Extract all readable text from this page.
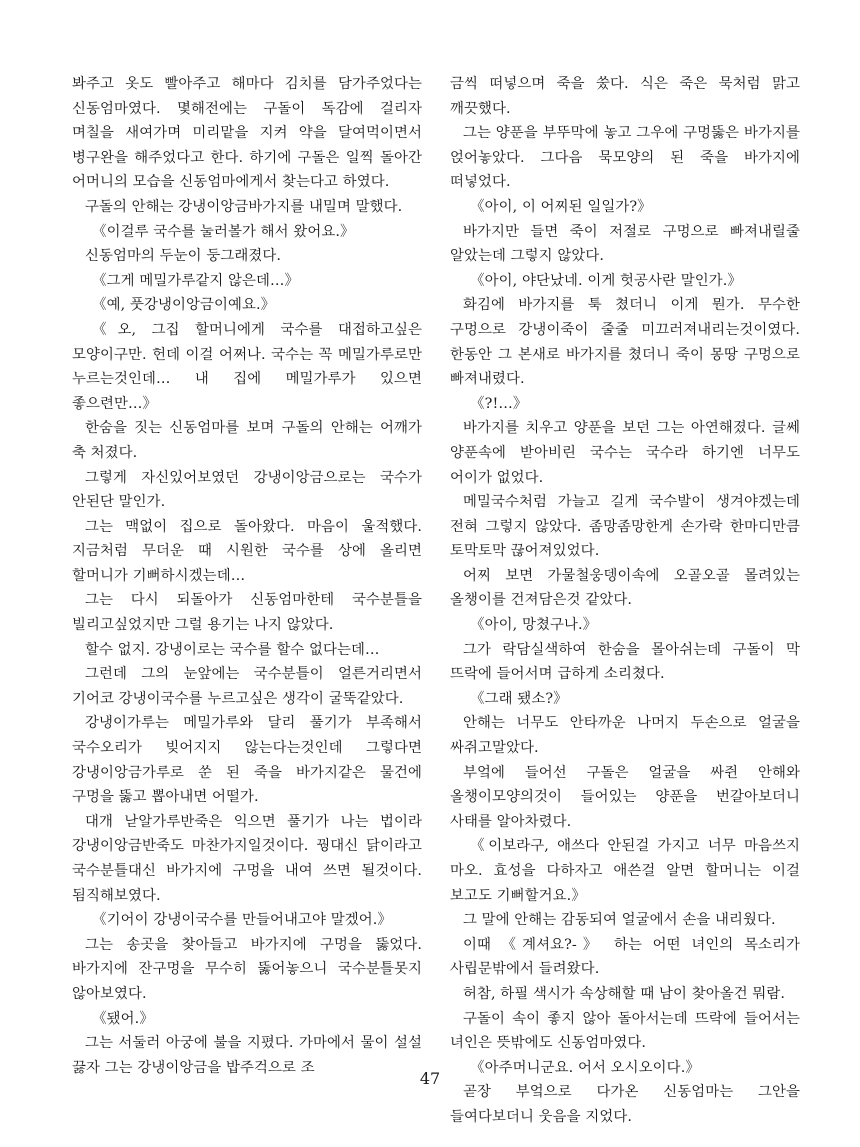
봐주고 옷도 빨아주고 해마다 김치를 담가주었다는 신동엄마였다. 몇해전에는 구돌이 독감에 걸리자 며칠을 새여가며 미리맡을 지켜 약을 달여먹이면서 병구완을 해주었다고 한다. 하기에 구돌은 일찍 돌아간 어머니의 모습을 신동엄마에게서 찾는다고 하였다.

구돌의 안해는 강냉이앙금바가지를 내밀며 말했다.

《이걸루 국수를 눌러볼가 해서 왔어요.》

신동엄마의 두눈이 둥그래졌다.

《그게 메밀가루같지 않은데…》

《예, 풋강냉이앙금이예요.》

《오, 그집 할머니에게 국수를 대접하고싶은 모양이구만. 헌데 이걸 어쩌나. 국수는 꼭 메밀가루로만 누르는것인데… 내 집에 메밀가루가 있으면 좋으련만…》

한숨을 짓는 신동엄마를 보며 구돌의 안해는 어깨가 축 처졌다.

그렇게 자신있어보였던 강냉이앙금으로는 국수가 안된단 말인가.

그는 맥없이 집으로 돌아왔다. 마음이 울적했다. 지금처럼 무더운 때 시원한 국수를 상에 올리면 할머니가 기뻐하시겠는데…

그는 다시 되돌아가 신동엄마한테 국수분틀을 빌리고싶었지만 그럴 용기는 나지 않았다.

할수 없지. 강냉이로는 국수를 할수 없다는데…

그런데 그의 눈앞에는 국수분틀이 얼른거리면서 기어코 강냉이국수를 누르고싶은 생각이 굴뚝같았다.

강냉이가루는 메밀가루와 달리 풀기가 부족해서 국수오리가 빚어지지 않는다는것인데 그렇다면 강냉이앙금가루로 쑨 된 죽을 바가지같은 물건에 구멍을 뚫고 뽑아내면 어떨가.

대개 낟알가루반죽은 익으면 풀기가 나는 법이라 강냉이앙금반죽도 마찬가지일것이다. 꿩대신 닭이라고 국수분틀대신 바가지에 구멍을 내여 쓰면 될것이다. 됨직해보였다.

《기어이 강냉이국수를 만들어내고야 말겠어.》

그는 송곳을 찾아들고 바가지에 구멍을 뚫었다. 바가지에 잔구멍을 무수히 뚫어놓으니 국수분틀못지 않아보였다.

《됐어.》

그는 서둘러 아궁에 불을 지폈다. 가마에서 물이 설설 끓자 그는 강냉이앙금을 밥주걱으로 조

금씩 떠넣으며 죽을 쑸다. 식은 죽은 묵처럼 맑고 깨끗했다.

그는 양푼을 부뚜막에 놓고 그우에 구멍뚫은 바가지를 얹어놓았다. 그다음 묵모양의 된 죽을 바가지에 떠넣었다.

《아이, 이 어찌된 일일가?》

바가지만 들면 죽이 저절로 구멍으로 빠져내릴줄 알았는데 그렇지 않았다.

《아이, 야단났네. 이게 헛공사란 말인가.》

화김에 바가지를 툭 쳤더니 이게 뭔가. 무수한 구멍으로 강냉이죽이 줄줄 미끄러져내리는것이였다. 한동안 그 본새로 바가지를 쳤더니 죽이 몽땅 구멍으로 빠져내렸다.

《?!…》

바가지를 치우고 양푼을 보던 그는 아연해졌다. 글쎄 양푼속에 받아비린 국수는 국수라 하기엔 너무도 어이가 없었다.

메밀국수처럼 가늘고 길게 국수발이 생겨야겠는데 전혀 그렇지 않았다. 좀망좀망한게 손가락 한마디만큼 토막토막 끊어져있었다.

어찌 보면 가물철웅뎅이속에 오골오골 몰려있는 올챙이를 건져담은것 같았다.

《아이, 망쳤구나.》

그가 락담실색하여 한숨을 몰아쉬는데 구돌이 막 뜨락에 들어서며 급하게 소리쳤다.

《그래 됐소?》

안해는 너무도 안타까운 나머지 두손으로 얼굴을 싸쥐고말았다.

부엌에 들어선 구돌은 얼굴을 싸쥔 안해와 올챙이모양의것이 들어있는 양푼을 번갈아보더니 사태를 알아차렸다.

《이보라구, 애쓰다 안된걸 가지고 너무 마음쓰지 마오. 효성을 다하자고 애쓴걸 알면 할머니는 이걸 보고도 기뻐할거요.》

그 말에 안해는 감동되여 얼굴에서 손을 내리웠다.

이때 《계셔요?-》 하는 어떤 녀인의 목소리가 사립문밖에서 들려왔다.

허참, 하필 색시가 속상해할 때 남이 찾아올건 뭐람.

구돌이 속이 좋지 않아 돌아서는데 뜨락에 들어서는 녀인은 뜻밖에도 신동엄마였다.

《아주머니군요. 어서 오시오이다.》

곧장 부엌으로 다가온 신동엄마는 그안을 들여다보더니 웃음을 지었다.

47
